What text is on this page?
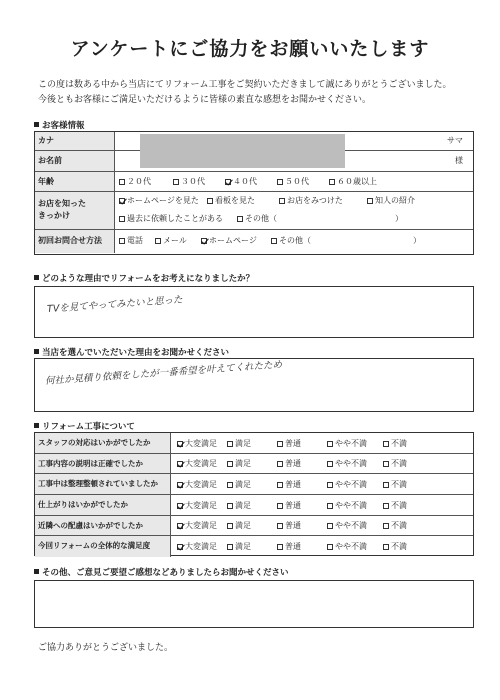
アンケートにご協力をお願いいたします
この度は数ある中から当店にてリフォーム工事をご契約いただきまして誠にありがとうございました。
今後ともお客様にご満足いただけるように皆様の素直な感想をお聞かせください。
お客様情報
カナ	サマ
お名前	様
年齢	２０代	３０代	４０代	５０代	６０歳以上
お店を知った
きっかけ
ホームページを見た	看板を見た	お店をみつけた	知人の紹介
過去に依頼したことがある	その他（	）
初回お問合せ方法	電話	メール	ホームページ	その他（	）
どのような理由でリフォームをお考えになりましたか？
TVを見てやってみたいと思った
当店を選んでいただいた理由をお聞かせください
何社か見積り依頼をしたが一番希望を叶えてくれたため
リフォーム工事について
スタッフの対応はいかがでしたか	大変満足	満足	普通	やや不満	不満
工事内容の説明は正確でしたか	大変満足	満足	普通	やや不満	不満
工事中は整理整頓されていましたか	大変満足	満足	普通	やや不満	不満
仕上がりはいかがでしたか	大変満足	満足	普通	やや不満	不満
近隣への配慮はいかがでしたか	大変満足	満足	普通	やや不満	不満
今回リフォームの全体的な満足度	大変満足	満足	普通	やや不満	不満
その他、ご意見ご要望ご感想などありましたらお聞かせください
ご協力ありがとうございました。
